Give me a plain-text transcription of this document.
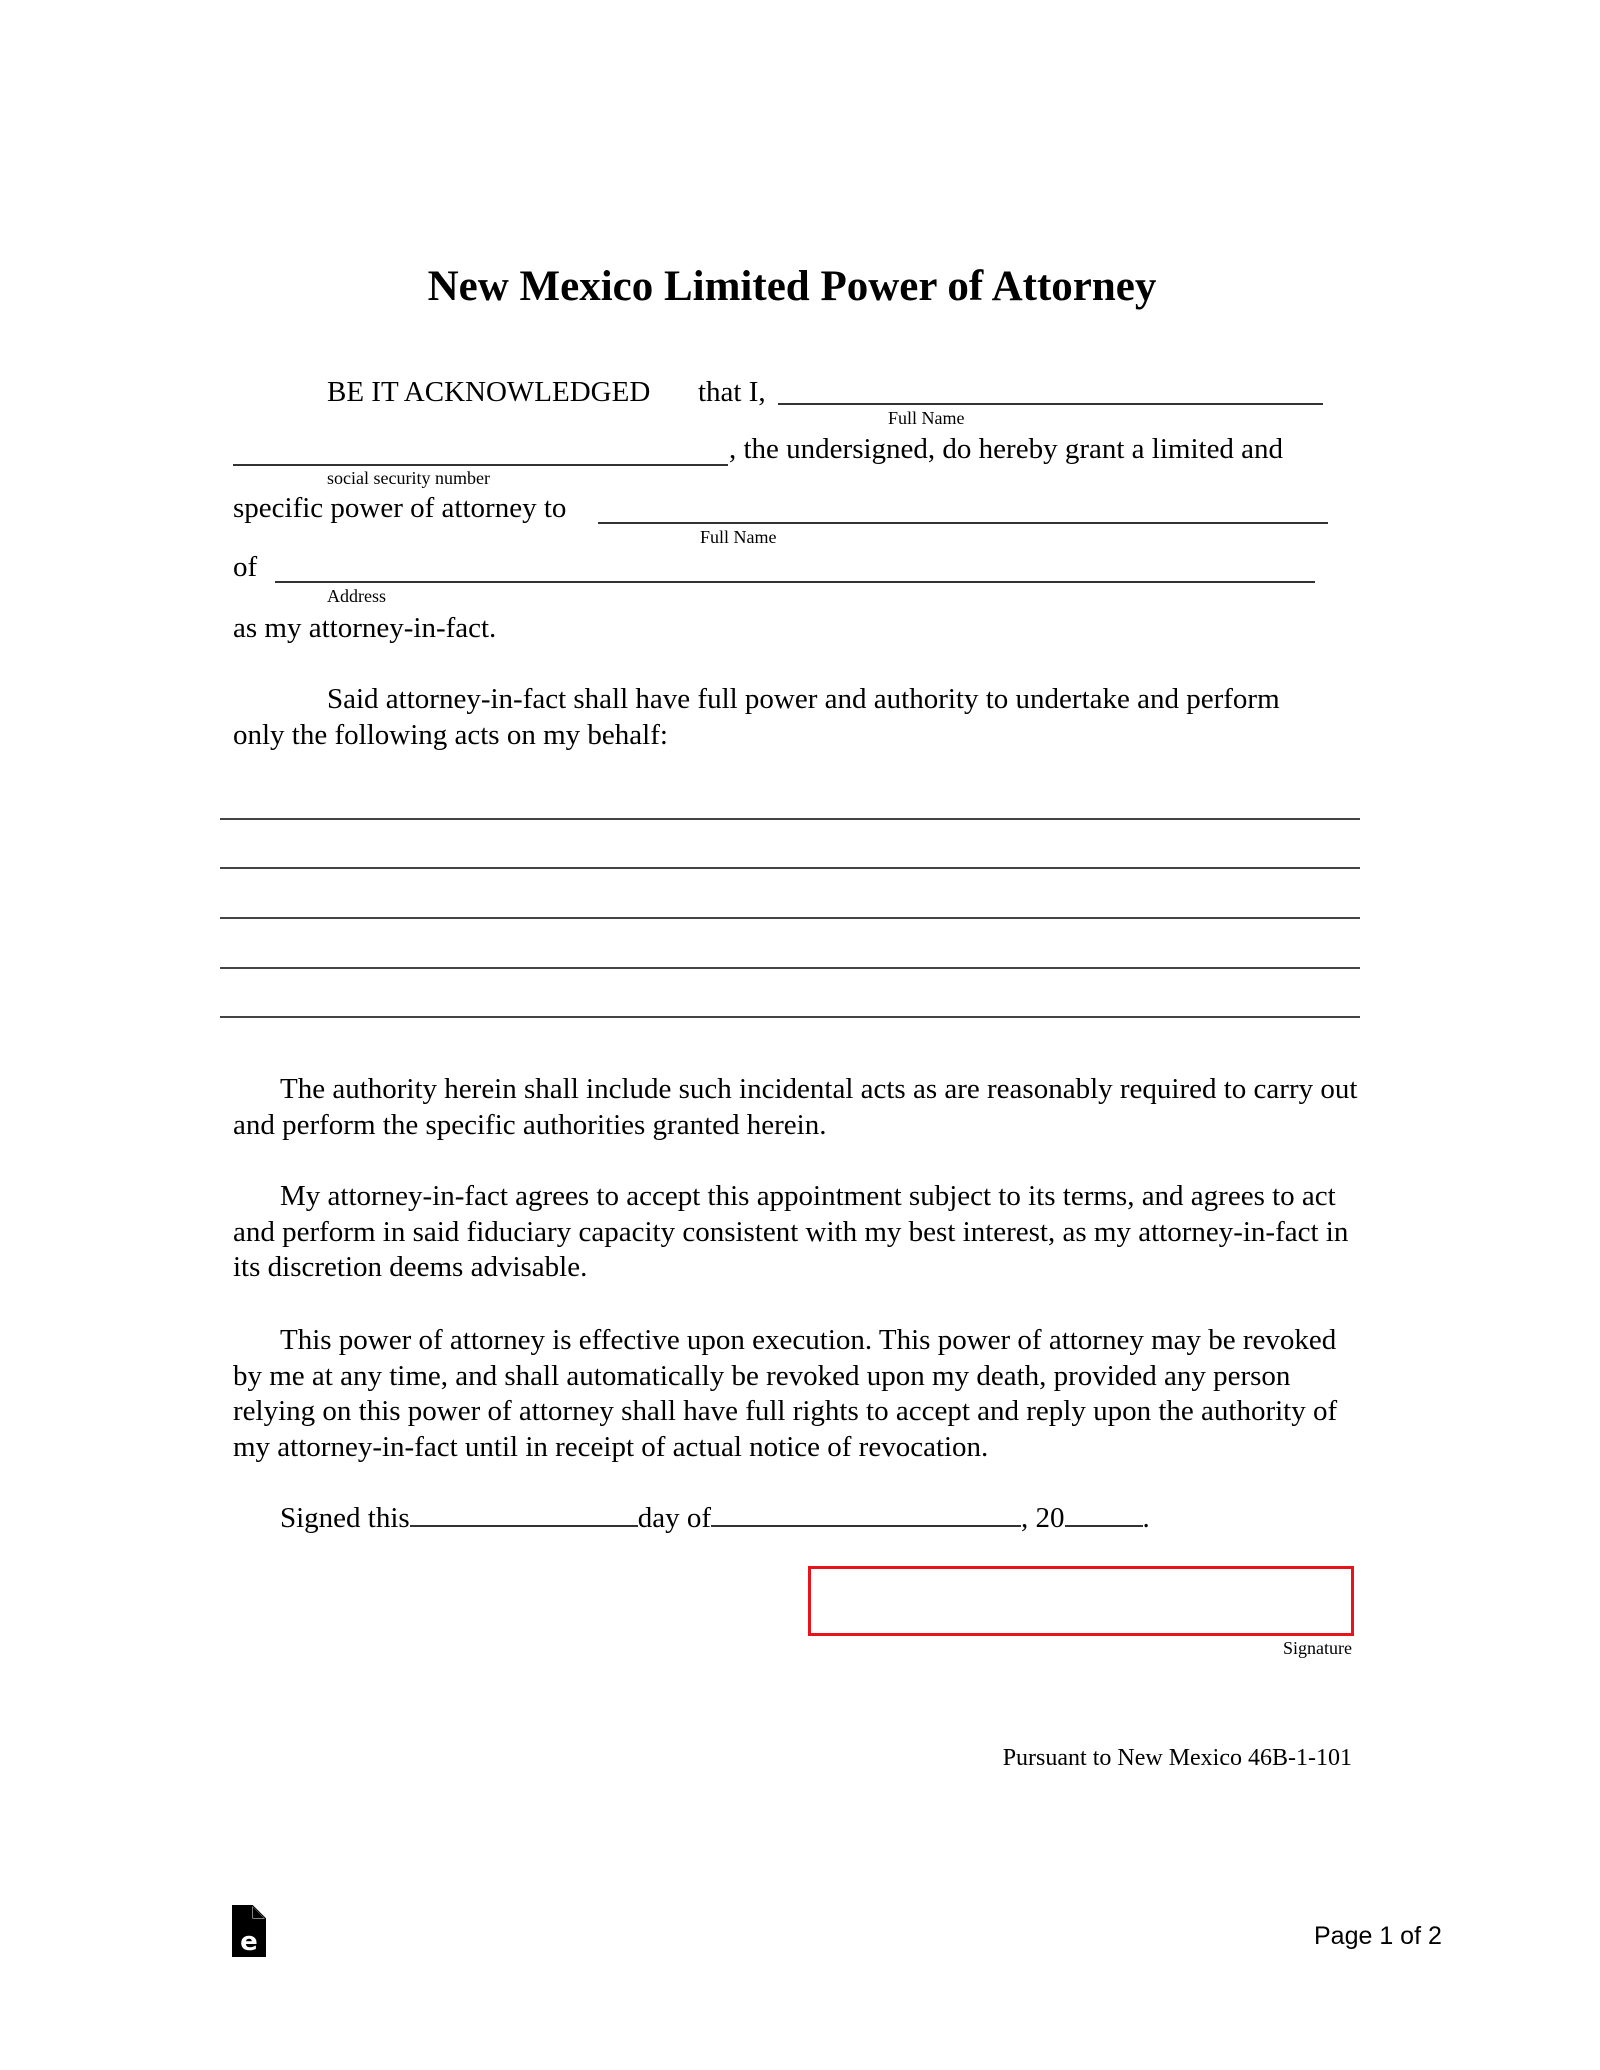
New Mexico Limited Power of Attorney
BE IT ACKNOWLEDGED that I,
Full Name
, the undersigned, do hereby grant a limited and
social security number
specific power of attorney to
Full Name
of
Address
as my attorney-in-fact.
Said attorney-in-fact shall have full power and authority to undertake and perform
only the following acts on my behalf:
The authority herein shall include such incidental acts as are reasonably required to carry out and perform the specific authorities granted herein.
My attorney-in-fact agrees to accept this appointment subject to its terms, and agrees to act and perform in said fiduciary capacity consistent with my best interest, as my attorney-in-fact in its discretion deems advisable.
This power of attorney is effective upon execution. This power of attorney may be revoked by me at any time, and shall automatically be revoked upon my death, provided any person relying on this power of attorney shall have full rights to accept and reply upon the authority of my attorney-in-fact until in receipt of actual notice of revocation.
Signed this	day of	, 20	.
Signature
Pursuant to New Mexico 46B-1-101
e	Page 1 of 2
